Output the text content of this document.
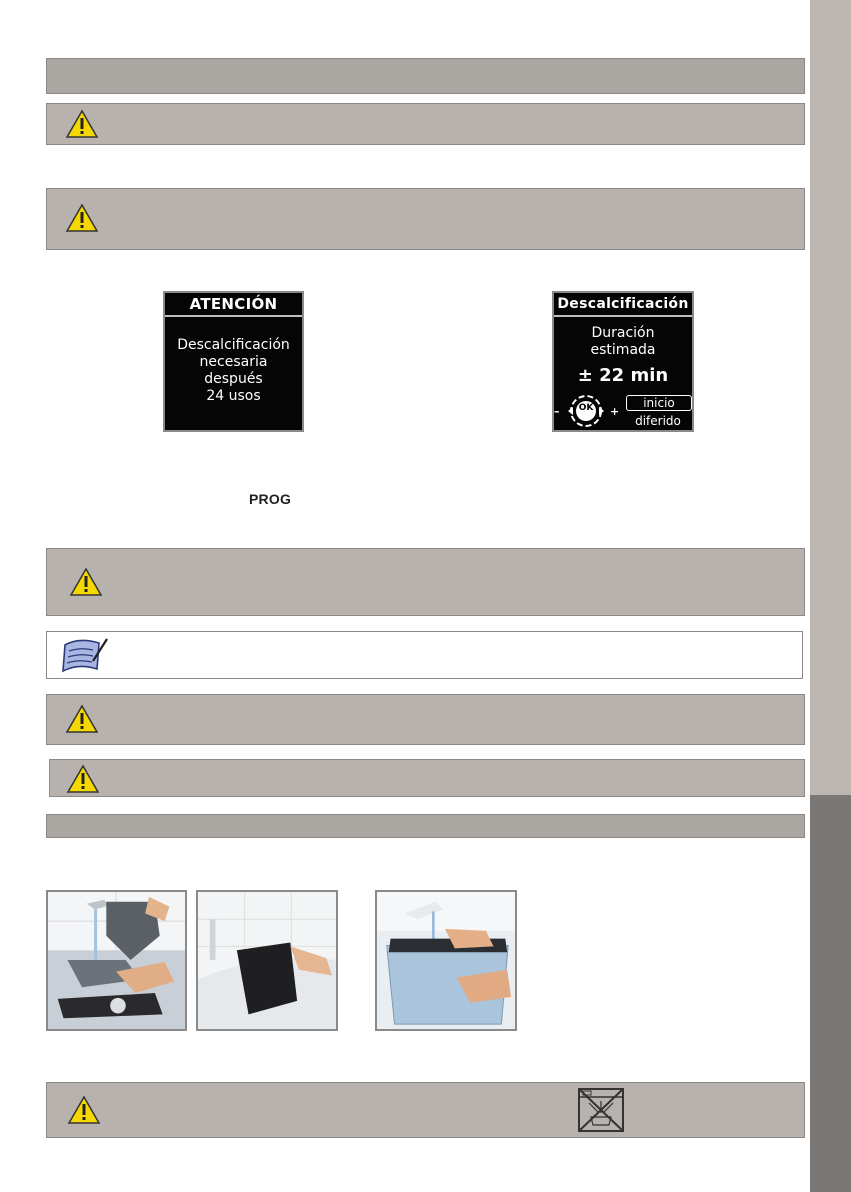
ATENCIÓN
Descalcificación
necesaria
después
24 usos
Descalcificación
Duración
estimada
± 22 min
OK
–	+
inicio
diferido
PROG
